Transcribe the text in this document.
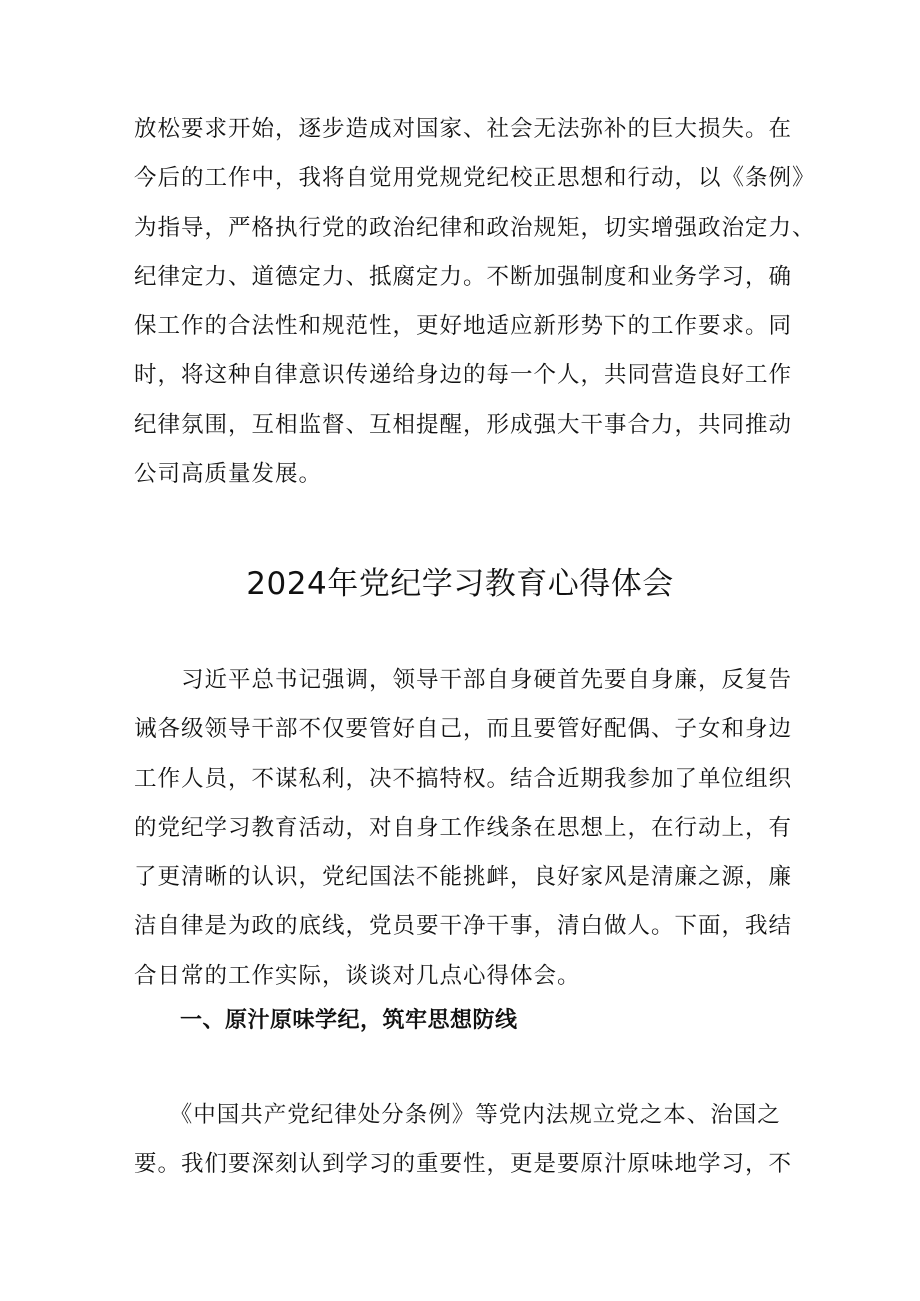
放松要求开始，逐步造成对国家、社会无法弥补的巨大损失。在
今后的工作中，我将自觉用党规党纪校正思想和行动，以《条例》
为指导，严格执行党的政治纪律和政治规矩，切实增强政治定力、
纪律定力、道德定力、抵腐定力。不断加强制度和业务学习，确
保工作的合法性和规范性，更好地适应新形势下的工作要求。同
时，将这种自律意识传递给身边的每一个人，共同营造良好工作
纪律氛围，互相监督、互相提醒，形成强大干事合力，共同推动
公司高质量发展。
2024年党纪学习教育心得体会
　　习近平总书记强调，领导干部自身硬首先要自身廉，反复告
诫各级领导干部不仅要管好自己，而且要管好配偶、子女和身边
工作人员，不谋私利，决不搞特权。结合近期我参加了单位组织
的党纪学习教育活动，对自身工作线条在思想上，在行动上，有
了更清晰的认识，党纪国法不能挑衅，良好家风是清廉之源，廉
洁自律是为政的底线，党员要干净干事，清白做人。下面，我结
合日常的工作实际，谈谈对几点心得体会。
一、原汁原味学纪，筑牢思想防线
　　《中国共产党纪律处分条例》等党内法规立党之本、治国之
要。我们要深刻认到学习的重要性，更是要原汁原味地学习，不
